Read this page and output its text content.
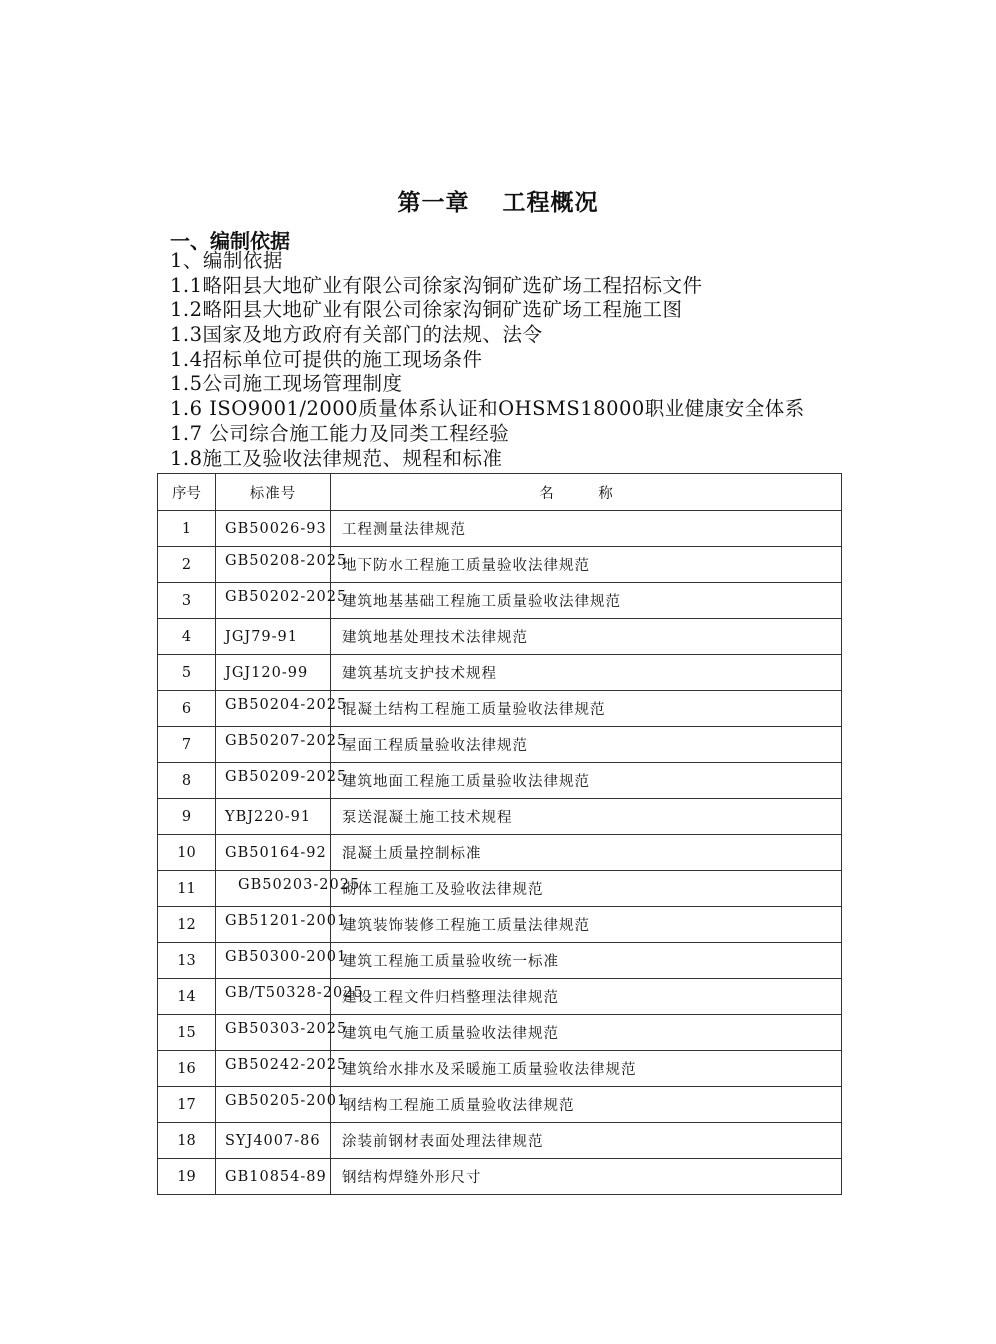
第一章　 工程概况
一、编制依据
1、编制依据
1.1略阳县大地矿业有限公司徐家沟铜矿选矿场工程招标文件
1.2略阳县大地矿业有限公司徐家沟铜矿选矿场工程施工图
1.3国家及地方政府有关部门的法规、法令
1.4招标单位可提供的施工现场条件
1.5公司施工现场管理制度
1.6 ISO9001/2000质量体系认证和OHSMS18000职业健康安全体系
1.7 公司综合施工能力及同类工程经验
1.8施工及验收法律规范、规程和标准
序号	标准号	名 称
1	GB50026-93	工程测量法律规范
2	GB50208-2025	地下防水工程施工质量验收法律规范
3	GB50202-2025	建筑地基基础工程施工质量验收法律规范
4	JGJ79-91	建筑地基处理技术法律规范
5	JGJ120-99	建筑基坑支护技术规程
6	GB50204-2025	混凝土结构工程施工质量验收法律规范
7	GB50207-2025	屋面工程质量验收法律规范
8	GB50209-2025	建筑地面工程施工质量验收法律规范
9	YBJ220-91	泵送混凝土施工技术规程
10	GB50164-92	混凝土质量控制标准
11	GB50203-2025	砌体工程施工及验收法律规范
12	GB51201-2001	建筑装饰装修工程施工质量法律规范
13	GB50300-2001	建筑工程施工质量验收统一标准
14	GB/T50328-2025	建设工程文件归档整理法律规范
15	GB50303-2025	建筑电气施工质量验收法律规范
16	GB50242-2025	建筑给水排水及采暖施工质量验收法律规范
17	GB50205-2001	钢结构工程施工质量验收法律规范
18	SYJ4007-86	涂装前钢材表面处理法律规范
19	GB10854-89	钢结构焊缝外形尺寸
